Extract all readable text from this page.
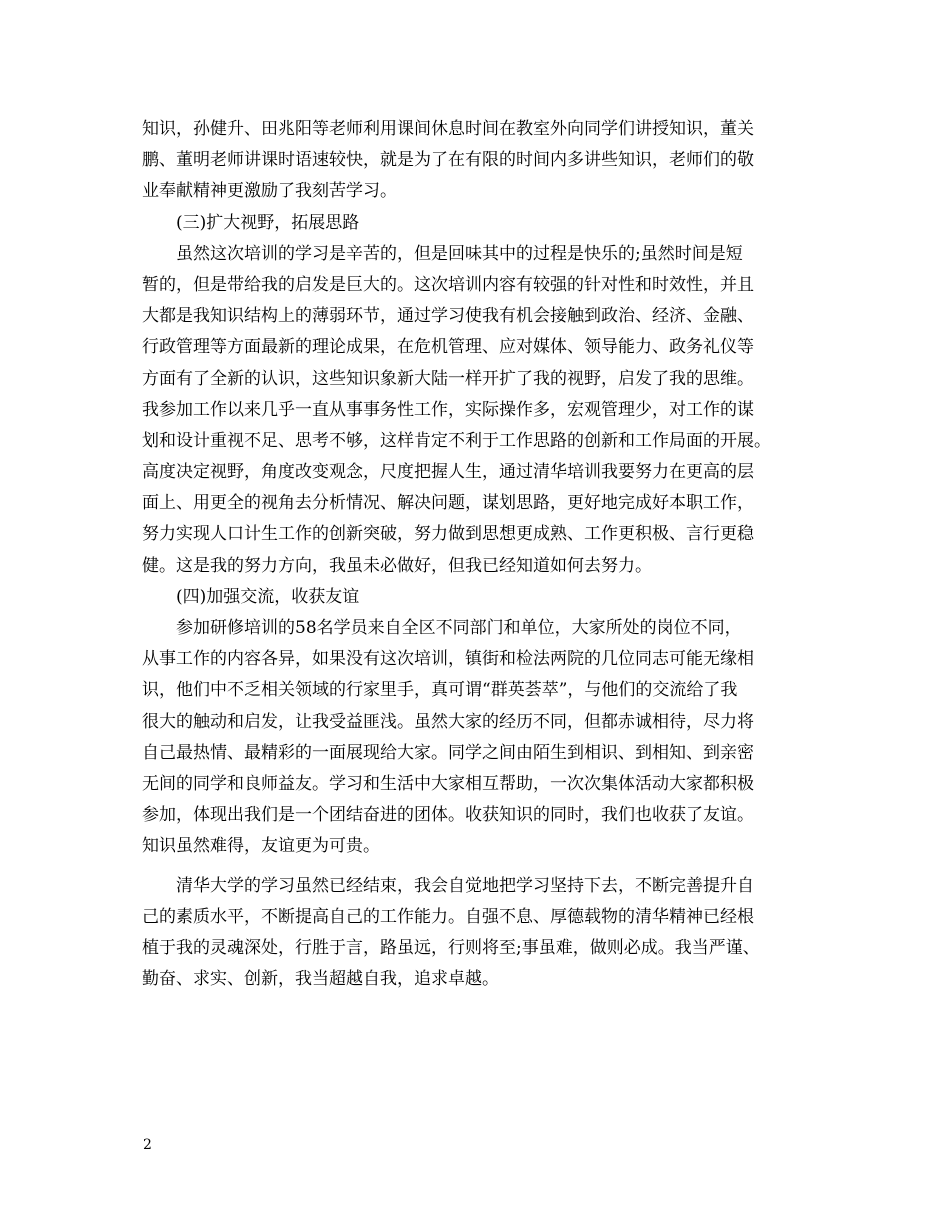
知识，孙健升、田兆阳等老师利用课间休息时间在教室外向同学们讲授知识，董关
鹏、董明老师讲课时语速较快，就是为了在有限的时间内多讲些知识，老师们的敬
业奉献精神更激励了我刻苦学习。
(三)扩大视野，拓展思路
虽然这次培训的学习是辛苦的，但是回味其中的过程是快乐的;虽然时间是短
暂的，但是带给我的启发是巨大的。这次培训内容有较强的针对性和时效性，并且
大都是我知识结构上的薄弱环节，通过学习使我有机会接触到政治、经济、金融、
行政管理等方面最新的理论成果，在危机管理、应对媒体、领导能力、政务礼仪等
方面有了全新的认识，这些知识象新大陆一样开扩了我的视野，启发了我的思维。
我参加工作以来几乎一直从事事务性工作，实际操作多，宏观管理少，对工作的谋
划和设计重视不足、思考不够，这样肯定不利于工作思路的创新和工作局面的开展。
高度决定视野，角度改变观念，尺度把握人生，通过清华培训我要努力在更高的层
面上、用更全的视角去分析情况、解决问题，谋划思路，更好地完成好本职工作，
努力实现人口计生工作的创新突破，努力做到思想更成熟、工作更积极、言行更稳
健。这是我的努力方向，我虽未必做好，但我已经知道如何去努力。
(四)加强交流，收获友谊
参加研修培训的58名学员来自全区不同部门和单位，大家所处的岗位不同，
从事工作的内容各异，如果没有这次培训，镇街和检法两院的几位同志可能无缘相
识，他们中不乏相关领域的行家里手，真可谓“群英荟萃”，与他们的交流给了我
很大的触动和启发，让我受益匪浅。虽然大家的经历不同，但都赤诚相待，尽力将
自己最热情、最精彩的一面展现给大家。同学之间由陌生到相识、到相知、到亲密
无间的同学和良师益友。学习和生活中大家相互帮助，一次次集体活动大家都积极
参加，体现出我们是一个团结奋进的团体。收获知识的同时，我们也收获了友谊。
知识虽然难得，友谊更为可贵。
清华大学的学习虽然已经结束，我会自觉地把学习坚持下去，不断完善提升自
己的素质水平，不断提高自己的工作能力。自强不息、厚德载物的清华精神已经根
植于我的灵魂深处，行胜于言，路虽远，行则将至;事虽难，做则必成。我当严谨、
勤奋、求实、创新，我当超越自我，追求卓越。
2
